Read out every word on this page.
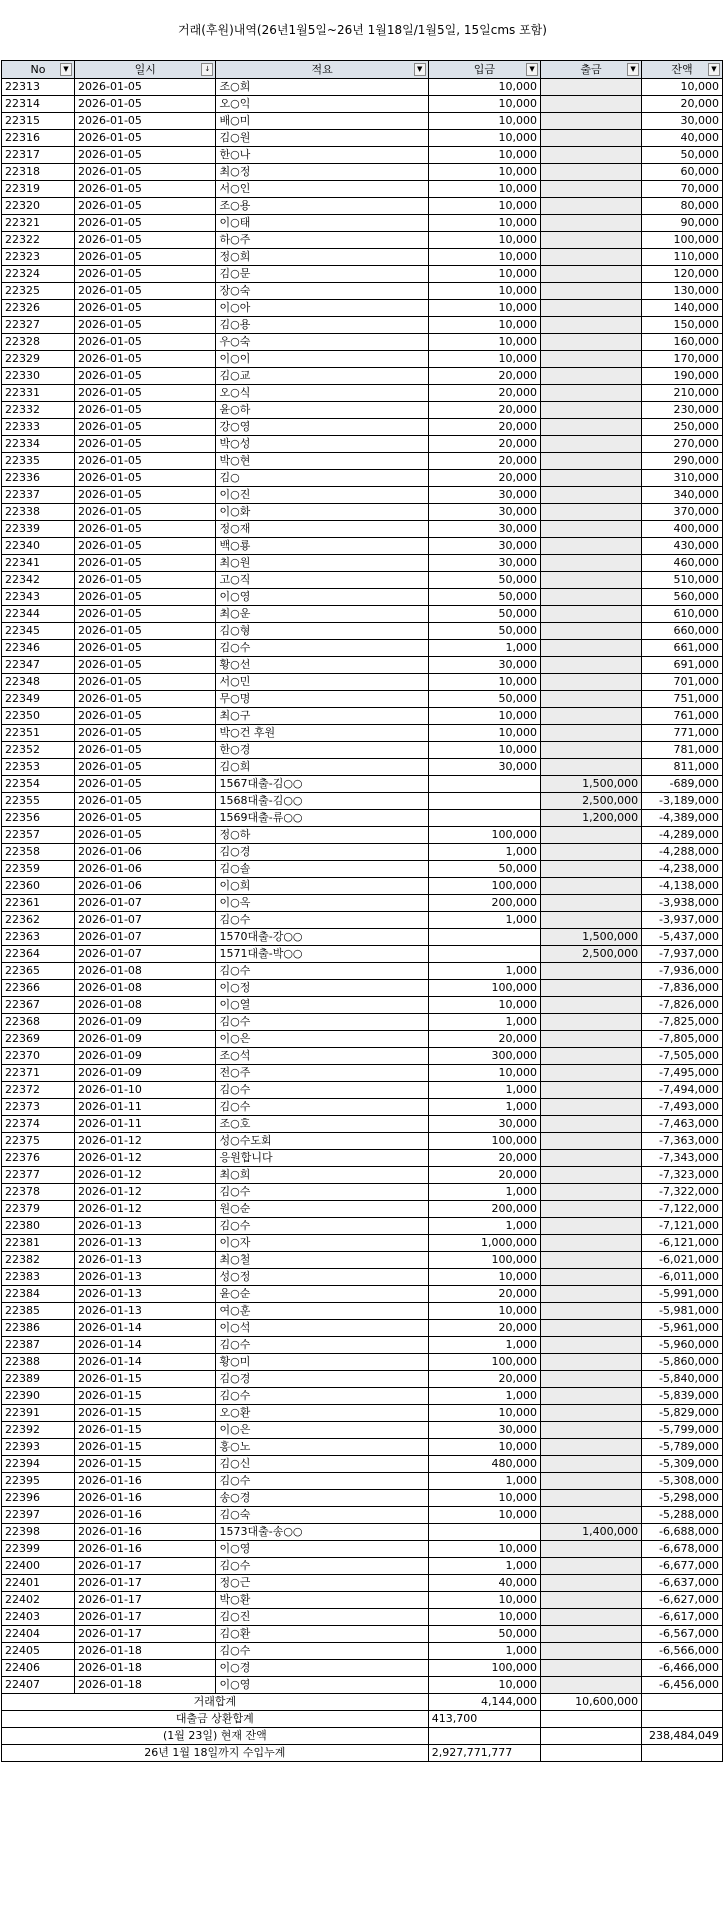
거래(후원)내역(26년1월5일~26년 1월18일/1월5일, 15일cms 포함)
No ▼	일시 ↓	적요 ▼	입금 ▼	출금 ▼	잔액 ▼

22313	2026-01-05	조○희	10,000		10,000
22314	2026-01-05	오○익	10,000		20,000
22315	2026-01-05	배○미	10,000		30,000
22316	2026-01-05	김○원	10,000		40,000
22317	2026-01-05	한○나	10,000		50,000
22318	2026-01-05	최○정	10,000		60,000
22319	2026-01-05	서○인	10,000		70,000
22320	2026-01-05	조○용	10,000		80,000
22321	2026-01-05	이○태	10,000		90,000
22322	2026-01-05	하○주	10,000		100,000
22323	2026-01-05	정○희	10,000		110,000
22324	2026-01-05	김○문	10,000		120,000
22325	2026-01-05	장○숙	10,000		130,000
22326	2026-01-05	이○아	10,000		140,000
22327	2026-01-05	김○용	10,000		150,000
22328	2026-01-05	우○숙	10,000		160,000
22329	2026-01-05	이○이	10,000		170,000
22330	2026-01-05	김○교	20,000		190,000
22331	2026-01-05	오○식	20,000		210,000
22332	2026-01-05	윤○하	20,000		230,000
22333	2026-01-05	강○영	20,000		250,000
22334	2026-01-05	박○성	20,000		270,000
22335	2026-01-05	박○현	20,000		290,000
22336	2026-01-05	김○	20,000		310,000
22337	2026-01-05	이○진	30,000		340,000
22338	2026-01-05	이○화	30,000		370,000
22339	2026-01-05	정○재	30,000		400,000
22340	2026-01-05	백○룡	30,000		430,000
22341	2026-01-05	최○원	30,000		460,000
22342	2026-01-05	고○직	50,000		510,000
22343	2026-01-05	이○영	50,000		560,000
22344	2026-01-05	최○운	50,000		610,000
22345	2026-01-05	김○형	50,000		660,000
22346	2026-01-05	김○수	1,000		661,000
22347	2026-01-05	황○선	30,000		691,000
22348	2026-01-05	서○민	10,000		701,000
22349	2026-01-05	무○명	50,000		751,000
22350	2026-01-05	최○구	10,000		761,000
22351	2026-01-05	박○건 후원	10,000		771,000
22352	2026-01-05	한○경	10,000		781,000
22353	2026-01-05	김○희	30,000		811,000
22354	2026-01-05	1567대출-김○○		1,500,000	-689,000
22355	2026-01-05	1568대출-김○○		2,500,000	-3,189,000
22356	2026-01-05	1569대출-류○○		1,200,000	-4,389,000
22357	2026-01-05	정○하	100,000		-4,289,000
22358	2026-01-06	김○경	1,000		-4,288,000
22359	2026-01-06	김○솔	50,000		-4,238,000
22360	2026-01-06	이○희	100,000		-4,138,000
22361	2026-01-07	이○옥	200,000		-3,938,000
22362	2026-01-07	김○수	1,000		-3,937,000
22363	2026-01-07	1570대출-강○○		1,500,000	-5,437,000
22364	2026-01-07	1571대출-박○○		2,500,000	-7,937,000
22365	2026-01-08	김○수	1,000		-7,936,000
22366	2026-01-08	이○정	100,000		-7,836,000
22367	2026-01-08	이○열	10,000		-7,826,000
22368	2026-01-09	김○수	1,000		-7,825,000
22369	2026-01-09	이○은	20,000		-7,805,000
22370	2026-01-09	조○석	300,000		-7,505,000
22371	2026-01-09	전○주	10,000		-7,495,000
22372	2026-01-10	김○수	1,000		-7,494,000
22373	2026-01-11	김○수	1,000		-7,493,000
22374	2026-01-11	조○호	30,000		-7,463,000
22375	2026-01-12	성○수도회	100,000		-7,363,000
22376	2026-01-12	응원합니다	20,000		-7,343,000
22377	2026-01-12	최○희	20,000		-7,323,000
22378	2026-01-12	김○수	1,000		-7,322,000
22379	2026-01-12	원○순	200,000		-7,122,000
22380	2026-01-13	김○수	1,000		-7,121,000
22381	2026-01-13	이○자	1,000,000		-6,121,000
22382	2026-01-13	최○철	100,000		-6,021,000
22383	2026-01-13	성○정	10,000		-6,011,000
22384	2026-01-13	윤○순	20,000		-5,991,000
22385	2026-01-13	여○훈	10,000		-5,981,000
22386	2026-01-14	이○석	20,000		-5,961,000
22387	2026-01-14	김○수	1,000		-5,960,000
22388	2026-01-14	황○미	100,000		-5,860,000
22389	2026-01-15	김○경	20,000		-5,840,000
22390	2026-01-15	김○수	1,000		-5,839,000
22391	2026-01-15	오○환	10,000		-5,829,000
22392	2026-01-15	이○은	30,000		-5,799,000
22393	2026-01-15	홍○노	10,000		-5,789,000
22394	2026-01-15	김○신	480,000		-5,309,000
22395	2026-01-16	김○수	1,000		-5,308,000
22396	2026-01-16	송○경	10,000		-5,298,000
22397	2026-01-16	김○숙	10,000		-5,288,000
22398	2026-01-16	1573대출-송○○		1,400,000	-6,688,000
22399	2026-01-16	이○영	10,000		-6,678,000
22400	2026-01-17	김○수	1,000		-6,677,000
22401	2026-01-17	정○근	40,000		-6,637,000
22402	2026-01-17	박○환	10,000		-6,627,000
22403	2026-01-17	김○진	10,000		-6,617,000
22404	2026-01-17	김○환	50,000		-6,567,000
22405	2026-01-18	김○수	1,000		-6,566,000
22406	2026-01-18	이○경	100,000		-6,466,000
22407	2026-01-18	이○영	10,000		-6,456,000
거래합계			4,144,000	10,600,000	
대출금 상환합계			413,700		
(1월 23일) 현재 잔액					238,484,049
26년 1월 18일까지 수입누계			2,927,771,777		
